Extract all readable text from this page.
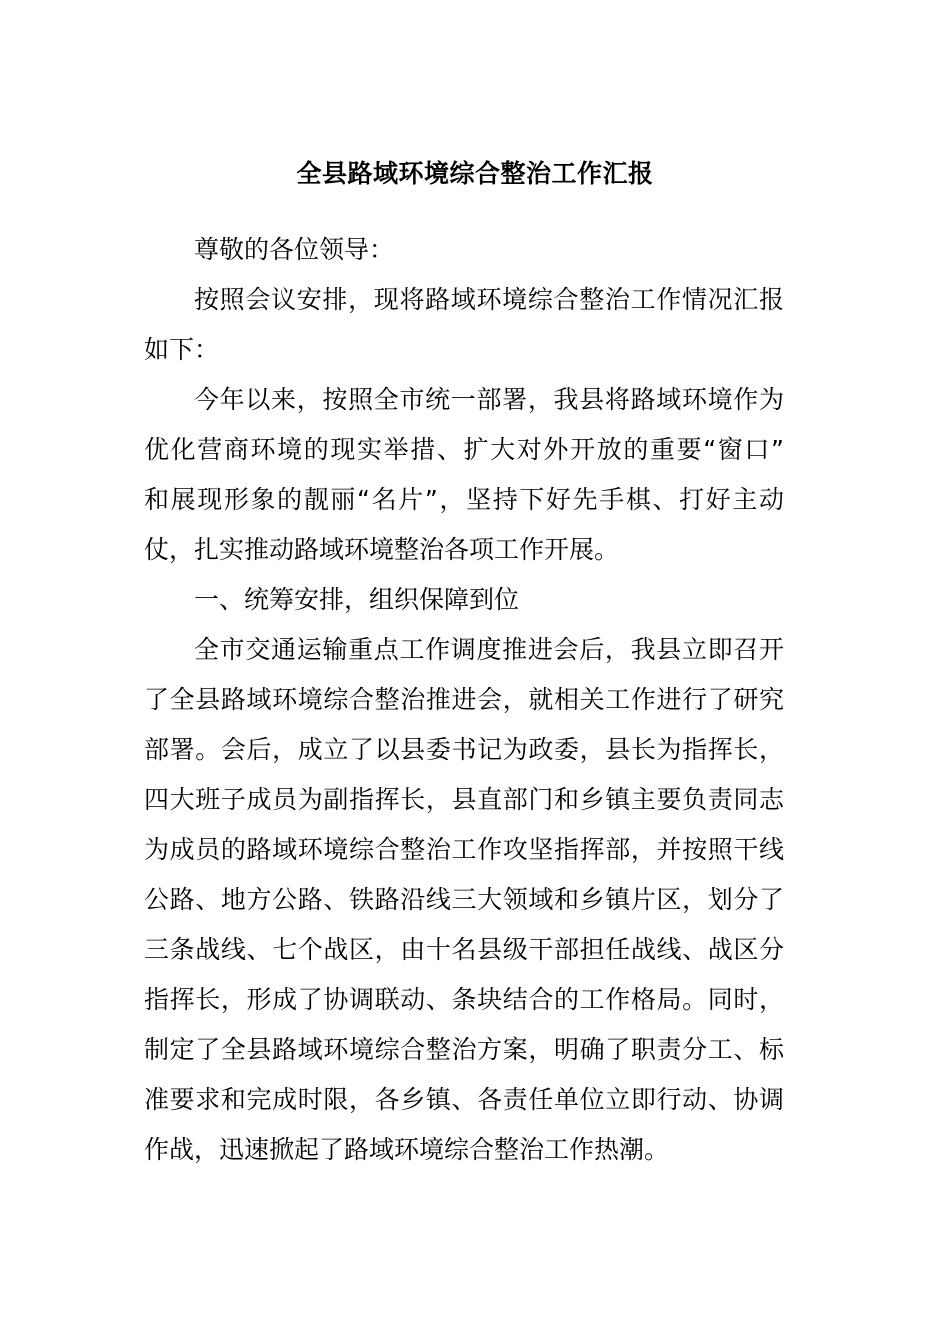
全县路域环境综合整治工作汇报
尊敬的各位领导：
按照会议安排，现将路域环境综合整治工作情况汇报
如下：
今年以来，按照全市统一部署，我县将路域环境作为
优化营商环境的现实举措、扩大对外开放的重要“窗口”
和展现形象的靓丽“名片”，坚持下好先手棋、打好主动
仗，扎实推动路域环境整治各项工作开展。
一、统筹安排，组织保障到位
全市交通运输重点工作调度推进会后，我县立即召开
了全县路域环境综合整治推进会，就相关工作进行了研究
部署。会后，成立了以县委书记为政委，县长为指挥长，
四大班子成员为副指挥长，县直部门和乡镇主要负责同志
为成员的路域环境综合整治工作攻坚指挥部，并按照干线
公路、地方公路、铁路沿线三大领域和乡镇片区，划分了
三条战线、七个战区，由十名县级干部担任战线、战区分
指挥长，形成了协调联动、条块结合的工作格局。同时，
制定了全县路域环境综合整治方案，明确了职责分工、标
准要求和完成时限，各乡镇、各责任单位立即行动、协调
作战，迅速掀起了路域环境综合整治工作热潮。
